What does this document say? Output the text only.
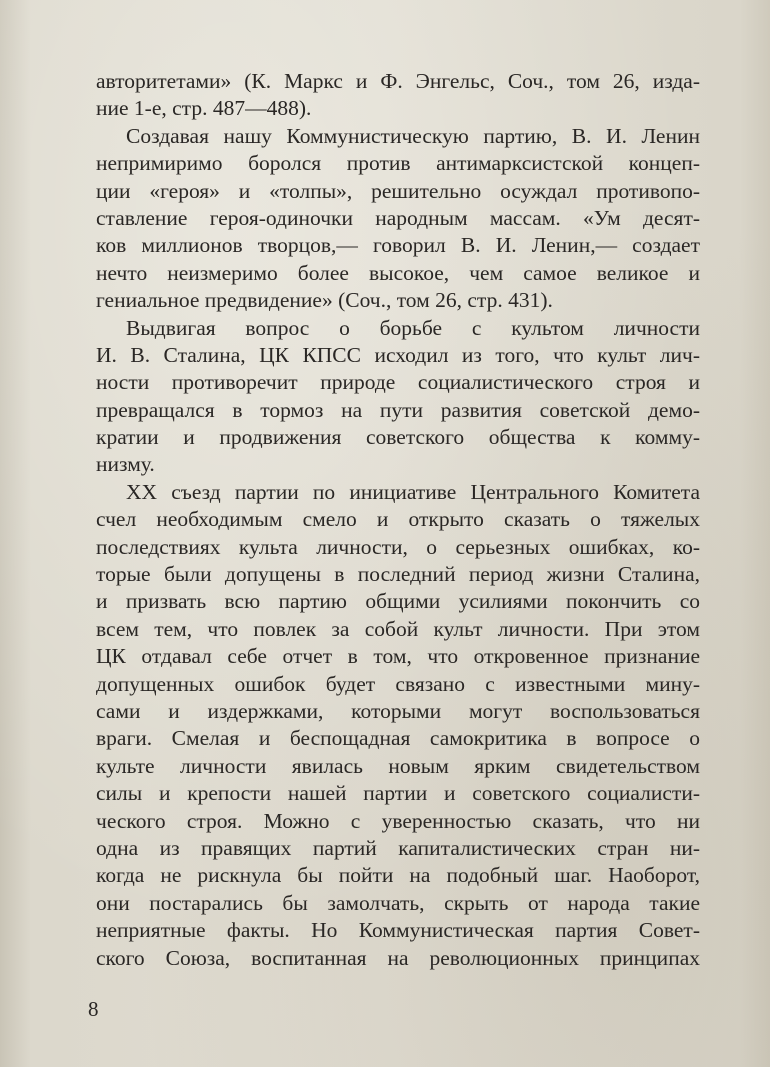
авторитетами» (К. Маркс и Ф. Энгельс, Соч., том 26, изда-
ние 1-е, стр. 487—488).
Создавая нашу Коммунистическую партию, В. И. Ленин
непримиримо боролся против антимарксистской концеп-
ции «героя» и «толпы», решительно осуждал противопо-
ставление героя-одиночки народным массам. «Ум десят-
ков миллионов творцов,— говорил В. И. Ленин,— создает
нечто неизмеримо более высокое, чем самое великое и
гениальное предвидение» (Соч., том 26, стр. 431).
Выдвигая вопрос о борьбе с культом личности
И. В. Сталина, ЦК КПСС исходил из того, что культ лич-
ности противоречит природе социалистического строя и
превращался в тормоз на пути развития советской демо-
кратии и продвижения советского общества к комму-
низму.
XX съезд партии по инициативе Центрального Комитета
счел необходимым смело и открыто сказать о тяжелых
последствиях культа личности, о серьезных ошибках, ко-
торые были допущены в последний период жизни Сталина,
и призвать всю партию общими усилиями покончить со
всем тем, что повлек за собой культ личности. При этом
ЦК отдавал себе отчет в том, что откровенное признание
допущенных ошибок будет связано с известными мину-
сами и издержками, которыми могут воспользоваться
враги. Смелая и беспощадная самокритика в вопросе о
культе личности явилась новым ярким свидетельством
силы и крепости нашей партии и советского социалисти-
ческого строя. Можно с уверенностью сказать, что ни
одна из правящих партий капиталистических стран ни-
когда не рискнула бы пойти на подобный шаг. Наоборот,
они постарались бы замолчать, скрыть от народа такие
неприятные факты. Но Коммунистическая партия Совет-
ского Союза, воспитанная на революционных принципах
8
